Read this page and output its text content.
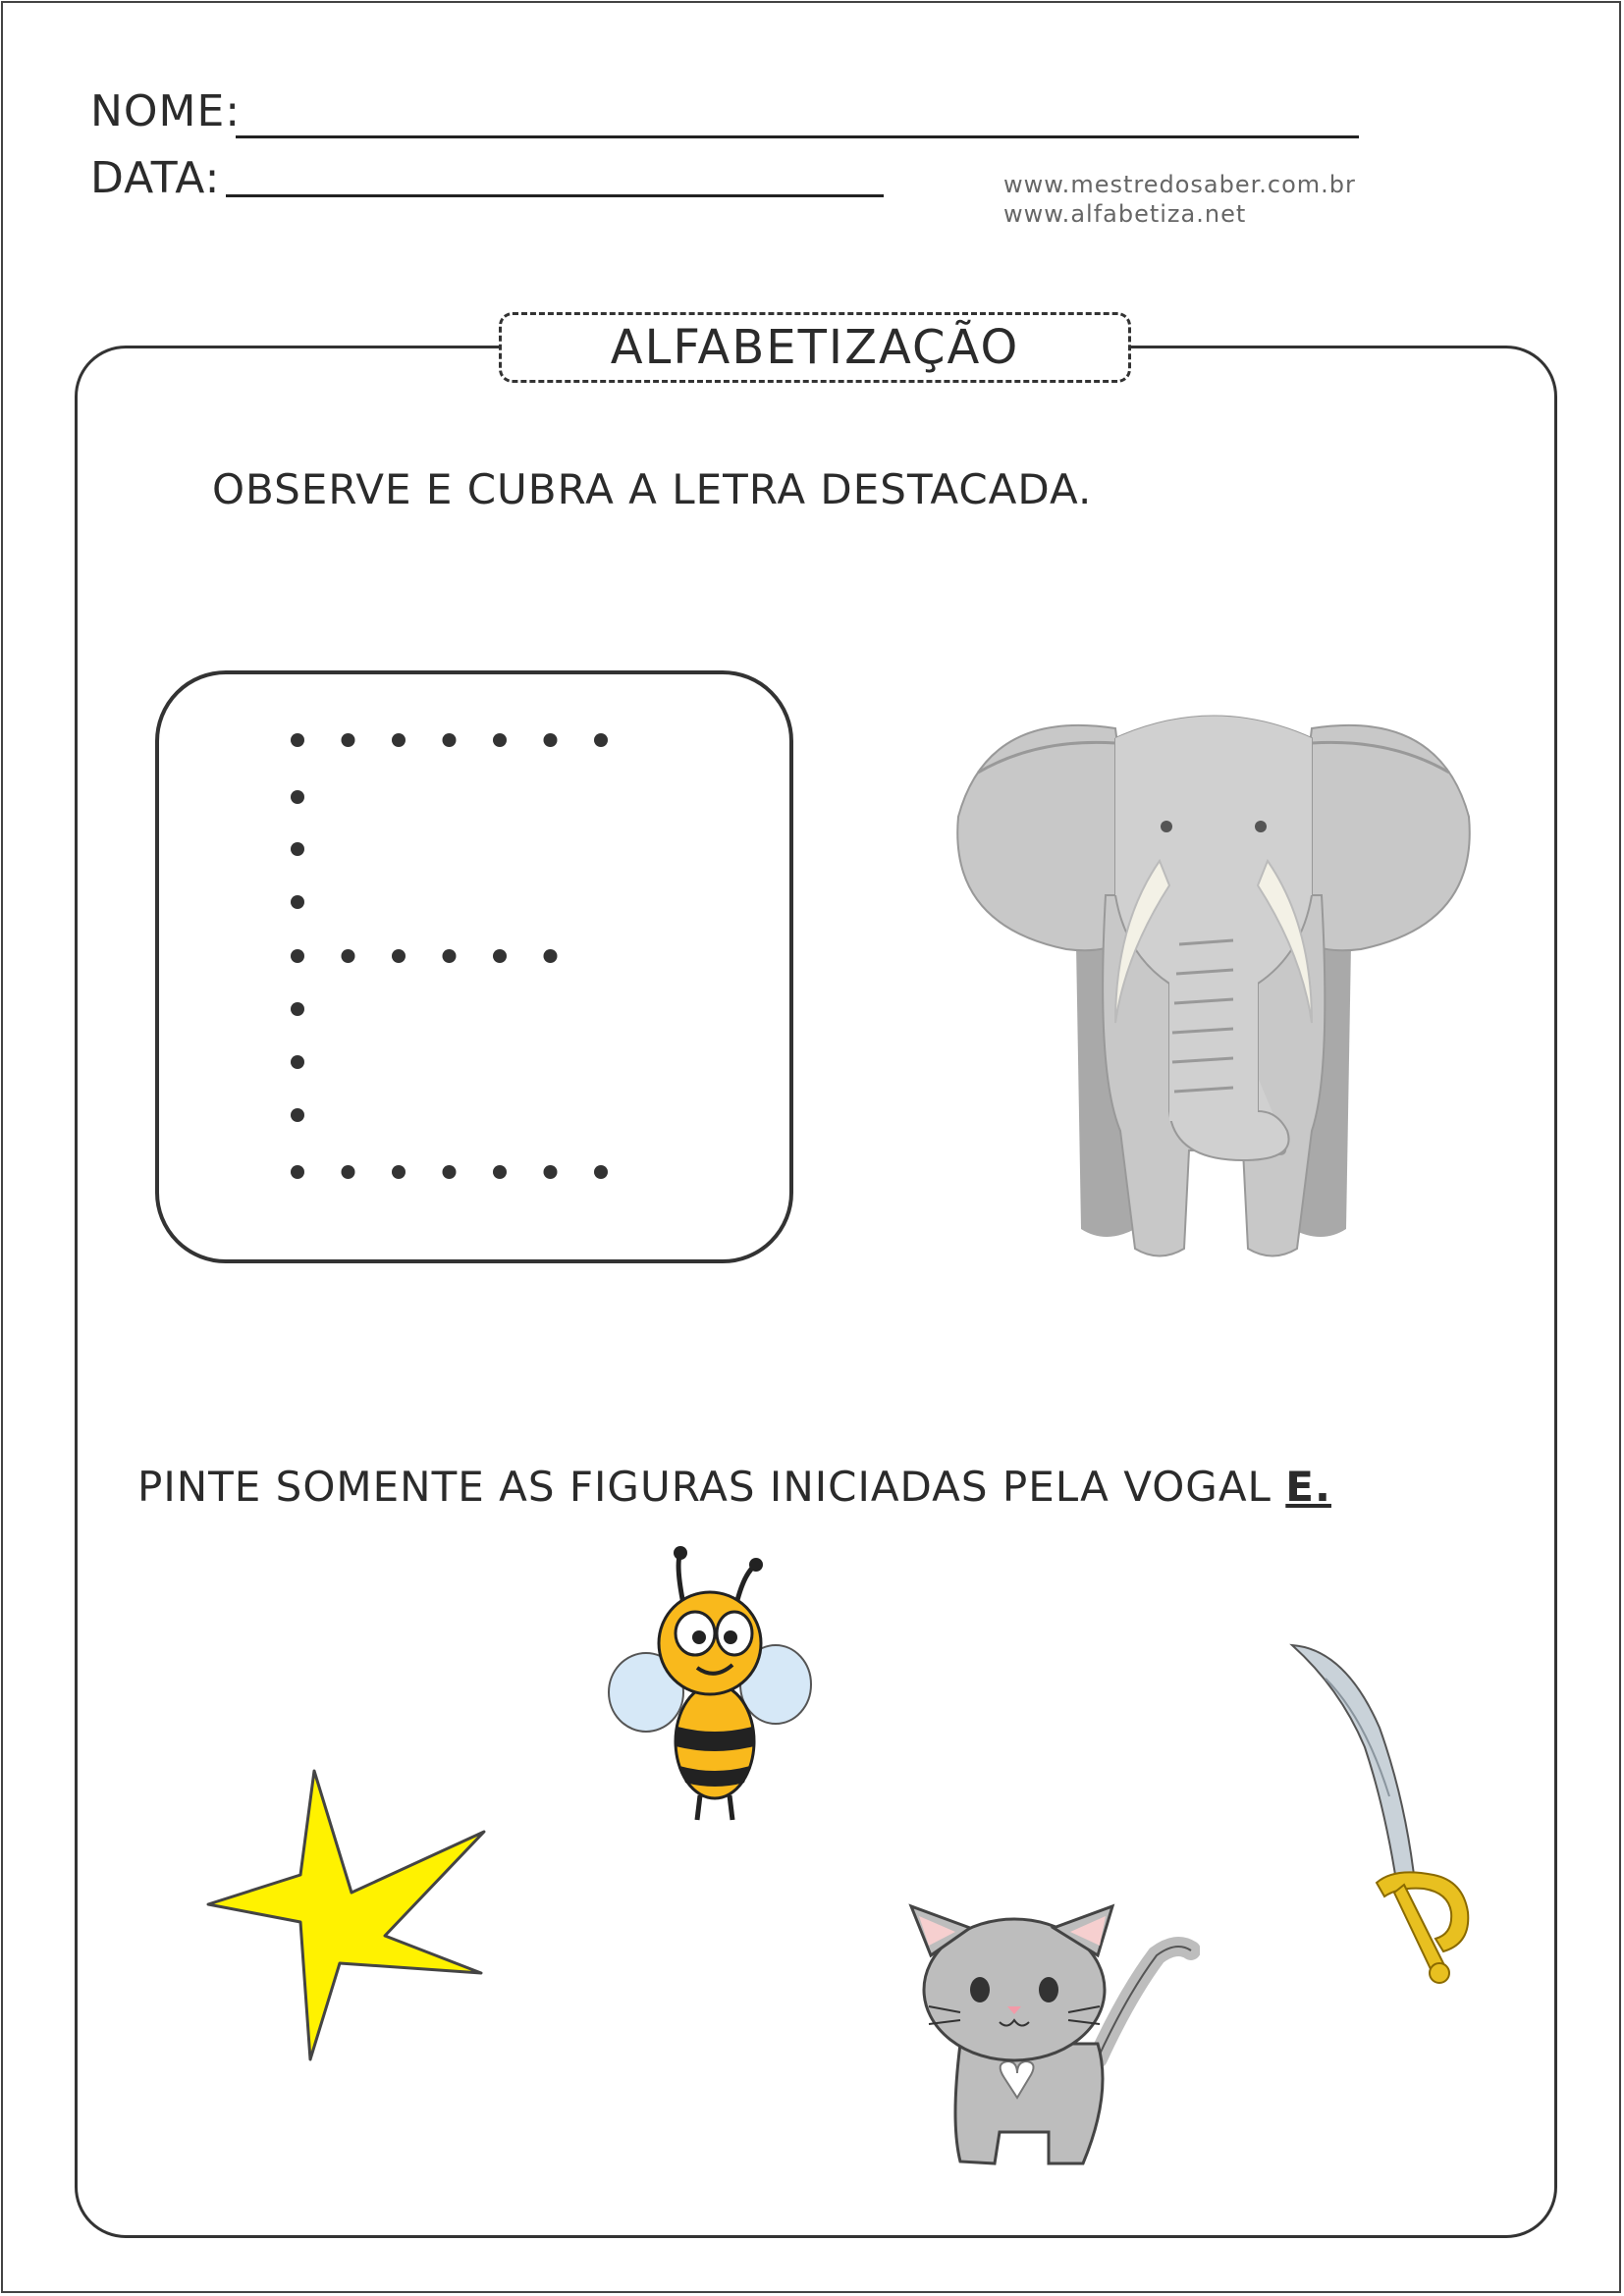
NOME:
DATA:	www.mestredosaber.com.br
www.alfabetiza.net
ALFABETIZAÇÃO
OBSERVE E CUBRA A LETRA DESTACADA.
PINTE SOMENTE AS FIGURAS INICIADAS PELA VOGAL E.
